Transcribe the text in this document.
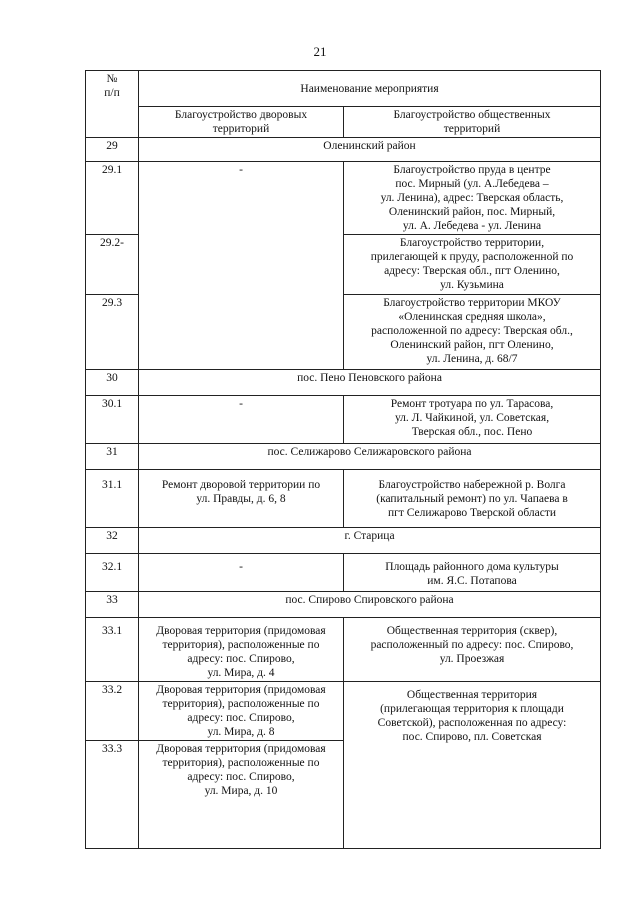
21
№
п/п	Наименование мероприятия	
	Благоустройство дворовых
территорий	Благоустройство общественных
территорий
29	Оленинский район	
29.1	-	Благоустройство пруда в центре
пос. Мирный (ул. А.Лебедева –
ул. Ленина), адрес: Тверская область,
Оленинский район, пос. Мирный,
ул. А. Лебедева - ул. Ленина
29.2-		Благоустройство территории,
прилегающей к пруду, расположенной по
адресу: Тверская обл., пгт Оленино,
ул. Кузьмина
29.3		Благоустройство территории МКОУ
«Оленинская средняя школа»,
расположенной по адресу: Тверская обл.,
Оленинский район, пгт Оленино,
ул. Ленина, д. 68/7
30	пос. Пено Пеновского района	
30.1	-	Ремонт тротуара по ул. Тарасова,
ул. Л. Чайкиной, ул. Советская,
Тверская обл., пос. Пено
31	пос. Селижарово Селижаровского района	
31.1	Ремонт дворовой территории по
ул. Правды, д. 6, 8	Благоустройство набережной р. Волга
(капитальный ремонт) по ул. Чапаева в
пгт Селижарово Тверской области
32	г. Старица	
32.1	-	Площадь районного дома культуры
им. Я.С. Потапова
33	пос. Спирово Спировского района	
33.1	Дворовая территория (придомовая
территория), расположенные по
адресу: пос. Спирово,
ул. Мира, д. 4	Общественная территория (сквер),
расположенный по адресу: пос. Спирово,
ул. Проезжая
33.2	Дворовая территория (придомовая
территория), расположенные по
адресу: пос. Спирово,
ул. Мира, д. 8	Общественная территория
(прилегающая территория к площади
Советской), расположенная по адресу:
пос. Спирово, пл. Советская
33.3	Дворовая территория (придомовая
территория), расположенные по
адресу: пос. Спирово,
ул. Мира, д. 10	
